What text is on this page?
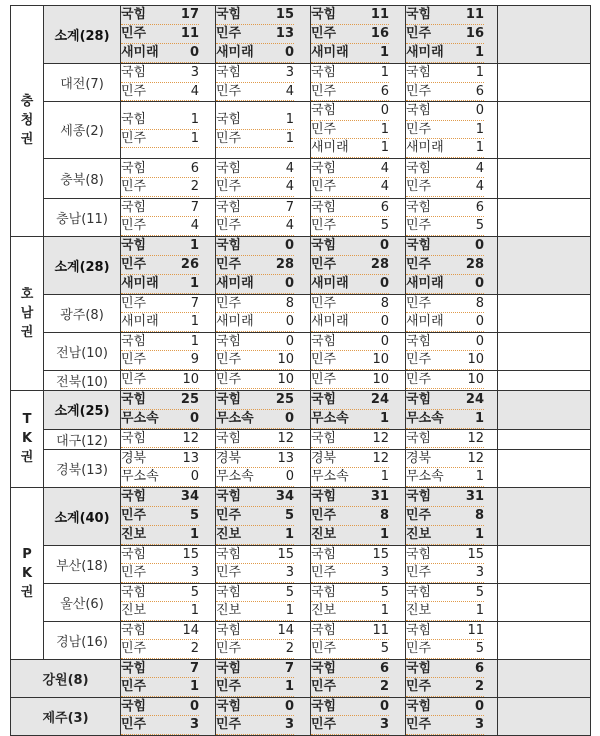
충
청
권
	소계(28)	
국힘	17
민주	11
새미래 0

국힘	15
민주	13
새미래 0

국힘	11
민주	16
새미래 1

국힘	11
민주	16
새미래 1

대전(7)	
국힘	3
민주	4

국힘	3
민주	4

국힘	1
민주	6

국힘	1
민주	6

세종(2)	
국힘	1
민주	1

국힘	1
민주	1

국힘	0
민주	1
새미래 1

국힘	0
민주	1
새미래 1

충북(8)	
국힘	6
민주	2

국힘	4
민주	4

국힘	4
민주	4

국힘	4
민주	4

충남(11)	
국힘	7
민주	4

국힘	7
민주	4

국힘	6
민주	5

국힘	6
민주	5

호
남
권
	소계(28)	
국힘	1
민주	26
새미래 1

국힘	0
민주	28
새미래 0

국힘	0
민주	28
새미래 0

국힘	0
민주	28
새미래 0

광주(8)	
민주	7
새미래 1

민주	8
새미래 0

민주	8
새미래 0

민주	8
새미래 0

전남(10)	
국힘	1
민주	9

국힘	0
민주	10

국힘	0
민주	10

국힘	0
민주	10

	전북(10)	민주 10	민주 10	민주 10	민주 10	

T
K
권
	소계(25)	
국힘	25
무소속 0

국힘	25
무소속 0

국힘	24
무소속 1

국힘	24
무소속 1

	대구(12)	국힘 12	국힘 12	국힘 12	국힘 12	

경북(13)	
경북	13
무소속 0

경북	13
무소속 0

경북	12
무소속 1

경북	12
무소속 1

P
K
권
	소계(40)	
국힘	34
민주	5
진보	1

국힘	34
민주	5
진보	1

국힘	31
민주	8
진보	1

국힘	31
민주	8
진보	1

부산(18)	
국힘	15
민주	3

국힘	15
민주	3

국힘	15
민주	3

국힘	15
민주	3

울산(6)	
국힘	5
진보	1

국힘	5
진보	1

국힘	5
진보	1

국힘	5
진보	1

경남(16)	
국힘	14
민주	2

국힘	14
민주	2

국힘	11
민주	5

국힘	11
민주	5

강원(8)	
국힘	7
민주	1

국힘	7
민주	1

국힘	6
민주	2

국힘	6
민주	2

제주(3)	
국힘	0
민주	3

국힘	0
민주	3

국힘	0
민주	3

국힘	0
민주	3
